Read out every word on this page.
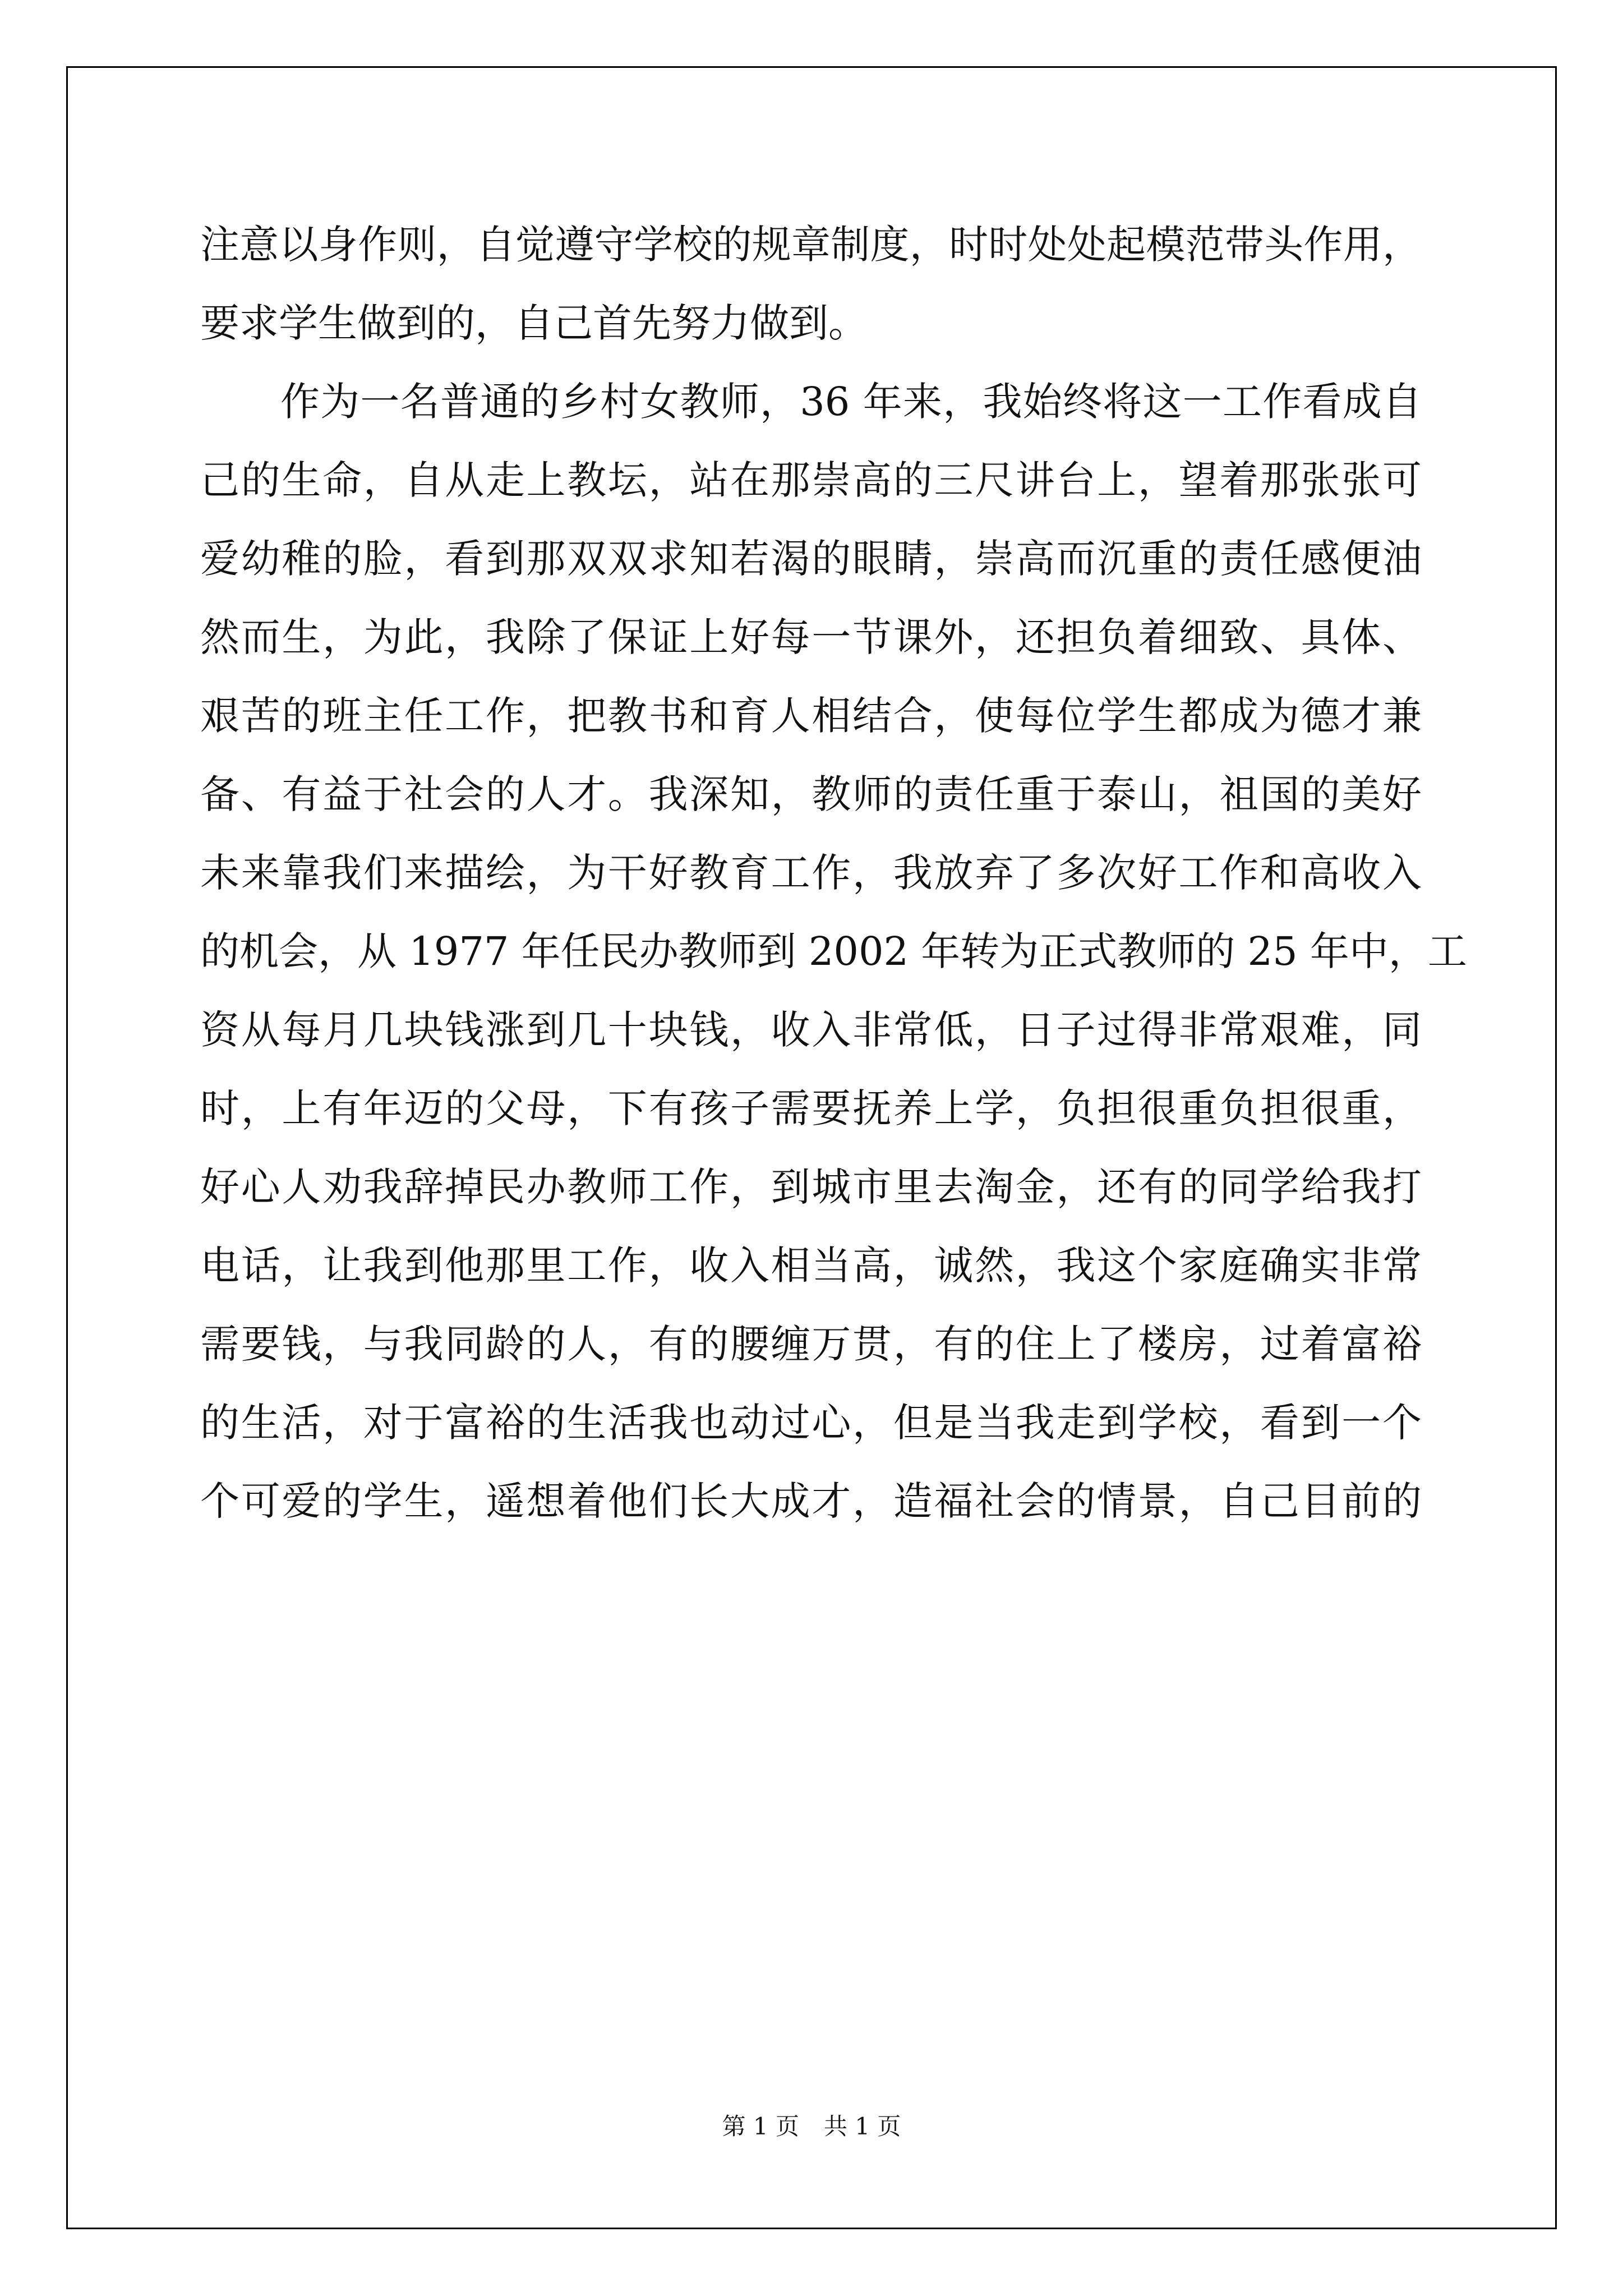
注意以身作则，自觉遵守学校的规章制度，时时处处起模范带头作用，
要求学生做到的，自己首先努力做到。
作为一名普通的乡村女教师，36 年来，我始终将这一工作看成自
己的生命，自从走上教坛，站在那崇高的三尺讲台上，望着那张张可
爱幼稚的脸，看到那双双求知若渴的眼睛，崇高而沉重的责任感便油
然而生，为此，我除了保证上好每一节课外，还担负着细致、具体、
艰苦的班主任工作，把教书和育人相结合，使每位学生都成为德才兼
备、有益于社会的人才。我深知，教师的责任重于泰山，祖国的美好
未来靠我们来描绘，为干好教育工作，我放弃了多次好工作和高收入
的机会，从 1977 年任民办教师到 2002 年转为正式教师的 25 年中，工
资从每月几块钱涨到几十块钱，收入非常低，日子过得非常艰难，同
时，上有年迈的父母，下有孩子需要抚养上学，负担很重负担很重，
好心人劝我辞掉民办教师工作，到城市里去淘金，还有的同学给我打
电话，让我到他那里工作，收入相当高，诚然，我这个家庭确实非常
需要钱，与我同龄的人，有的腰缠万贯，有的住上了楼房，过着富裕
的生活，对于富裕的生活我也动过心，但是当我走到学校，看到一个
个可爱的学生，遥想着他们长大成才，造福社会的情景，自己目前的
第 1 页 共 1 页
